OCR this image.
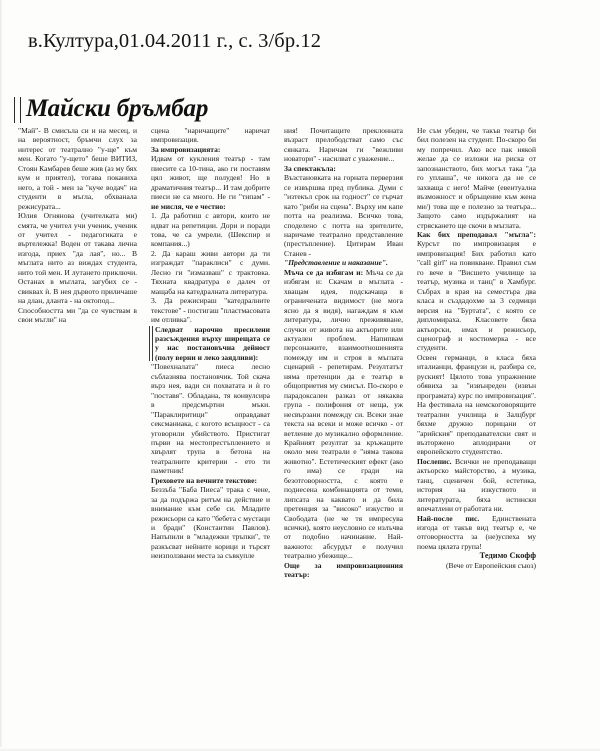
в.Култура,01.04.2011 г., с. 3/бр.12
Майски бръмбар

"Май"- В смисъла си и на месец, и на вероятност, бръмчи слух за интерес от театрално "у-ще" към мен. Когато "у-щето" беше ВИТИЗ, Стоян Камбарев беше жив (аз му бях кум и приятел), тогава поканиха него, а той - мен за "куче водач" на студенти в мъгла, обхванала режисурата...

Юлия Огнянова (учителката ми) смята, че учител учи ученик, ученик от учител - педагогиката е въртележка! Воден от такава лична изгода, приех "да лая", но... В мъглата нито аз виждах студента, нито той мен. И лутането приключи. Останах в мъглата, загубих се - свиквах ѝ. В нея дървото приличаше на длан, дланта - на октопод...

Способността ми "да се чувствам в свои мъгли" на

сцена "наричащите" наричат импровизация.

За импровизацията:

Идвам от кукления театър - там пиесите са 10-тина, ако ги поставям цял живот, ще полудея! Но в драматичния театър... И там добрите пиеси не са много. Не ги "типам" - не мисля, че е честно:

1. Да работиш с автори, които не идват на репетиции. Дори и поради това, че са умрели. (Шекспир и компания...)

2. Да караш живи автори да ти изграждат "параклиси" с думи. Лесно ги "измазваш" с трактовка. Тяхната квадратура е далеч от мащаба на катедралната литература.

3. Да режисираш "катедралните текстове" - постигаш "пластмасовата им отливка".

Следват нарочно пресилени разсъждения върху ширещата се у нас постановъчна дейност (полу верни и леко заядливи):

"Повехналата" пиеса лесно съблазнява постановчик. Той скача върз нея, вади си похватата и ѝ го "поставя". Обладана, тя конвулсира в предсмъртни мъки. "Параклиритици" оправдават сексманиака, с когото всъщност - са уговорили убийството. Пристигат първи на местопрестъплението и хвърлят трупа в бетона на театралните критерии - ето ти паметник!

Греховете на вечните текстове:

Беззъба "Баба Пиеса" трака с чене, за да подържа ритъм на действие и внимание към себе си. Младите режисьори са като "бебета с мустаци и бради" (Константин Павлов). Напъпили в "младежки тръпки", те разкъсват нейните корици и търсят неизползвани места за съвкупле

ния! Почитащите преклонната възраст прелободстват само със сянката. Наричам ги "вежливи новатори" - насилват с уважение...

За спектакъла:

Възстановката на горната перверзия се извършва пред публика. Думи с "изтекъл срок на годност" се гърчат като "риби на сцена". Върху им капе потта на реализма. Всичко това, споделено с потта на зрителите, наричаме театрално представление (престъпление). Цитирам Иван Станев -

"Представление и наказание".

Мъча се да избягам и: Мъча се да избягам и: Скачам в мъглата - хващам идея, подскачаща в ограничената видимост (не мога ясно да я видя), нагаждам я към литература, лично преживяване, случки от живота на актьорите или актуален проблем. Напипвам персонажите, взаимоотношенията помежду им и строя в мъглата сценарий - репетирам. Резултатът няма претенции да е театър в общоприетия му смисъл. По-скоро е парадоксален разказ от някаква група - полифония от неща, уж несвързани помежду си. Всеки знае текста на всеки и може всичко - от ветление до музикално оформление. Крайният резултат за кръжащите около мен театрали е "няма такова животно". Естетическият ефект (ако го има) се гради на безотговорността, с която е поднесена комбинацията от теми, липсата на каквато и да била претенция за "високо" изкуство и Свободата (не че тя импресува всички), която неусловно се излъчва от подобно начинание. Най-важното: абсурдът е получил театрално убежище...

Още за импровизационния театър:

Не съм убеден, че такъв театър би бил полезен на студент. По-скоро би му попречил. Ако все пак някой желае да се изложи на риска от запознанството, бих могъл така "да го уплаша", че никога да не се захваща с него! Майче (евентуална възможност и обръщение към жена ми/) това ще е полезно за театъра... Защото само издържалият на стряскането ще скочи в мъглата.

Как бих преподавал "мъгла": Курсът по импровизация е импровизация! Бих работил като "call girl" на повикване. Правил съм го вече в "Висшето училище за театър, музика и танц" в Хамбург. Събрах в края на семестъра два класа и създадохме за 3 седмици версия на "Буртата", с която се дипломираха. Класовете бяха актьорски, имах и режисьор, сценограф и костюмерка - все студенти.

Освен германци, в класа бяха италианци, французи и, разбира се, руският! Цялото това упражнение обявиха за "извънреден (извън програмата) курс по импровизация". На фестивала на немскоговорящите театрални училища в Залцбург бяхме дружно порицани от "арийския" преподавателски свят и възторжено аплодирани от европейското студентство.

Послепис. Всички не преподаващи актьорско майсторство, а музика, танц, сценичен бой, естетика, история на изкуството и литературата, бяха истински впечатлени от работата ни.

Най-после пис. Единствената изгода от такъв вид театър е, че отговорността за (не)успеха му поема цялата група!

Тедимо Скофф

(Вече от Европейския съюз)
